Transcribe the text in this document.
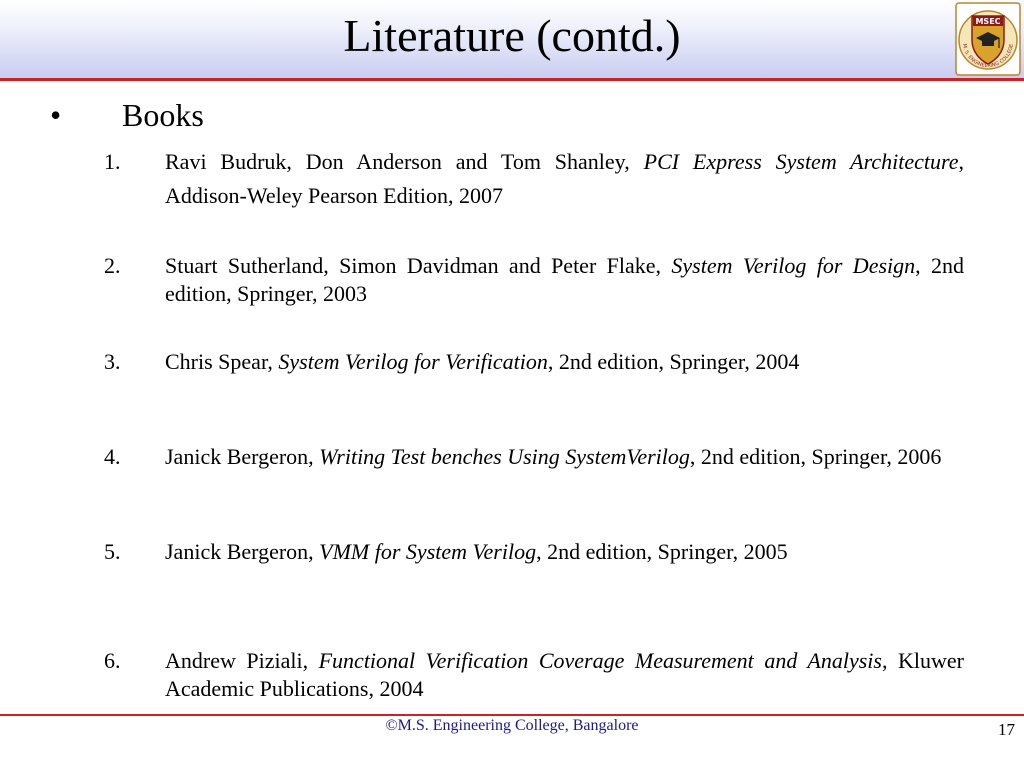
Literature (contd.)	MSEC
M. S. ENGINEERING COLLEGE
• Books
1. Ravi Budruk, Don Anderson and Tom Shanley, PCI Express System Architecture, Addison-Weley Pearson Edition, 2007
2. Stuart Sutherland, Simon Davidman and Peter Flake, System Verilog for Design, 2nd edition, Springer, 2003
3. Chris Spear, System Verilog for Verification, 2nd edition, Springer, 2004
4. Janick Bergeron, Writing Test benches Using SystemVerilog, 2nd edition, Springer, 2006
5. Janick Bergeron, VMM for System Verilog, 2nd edition, Springer, 2005
6. Andrew Piziali, Functional Verification Coverage Measurement and Analysis, Kluwer Academic Publications, 2004
©M.S. Engineering College, Bangalore	17
